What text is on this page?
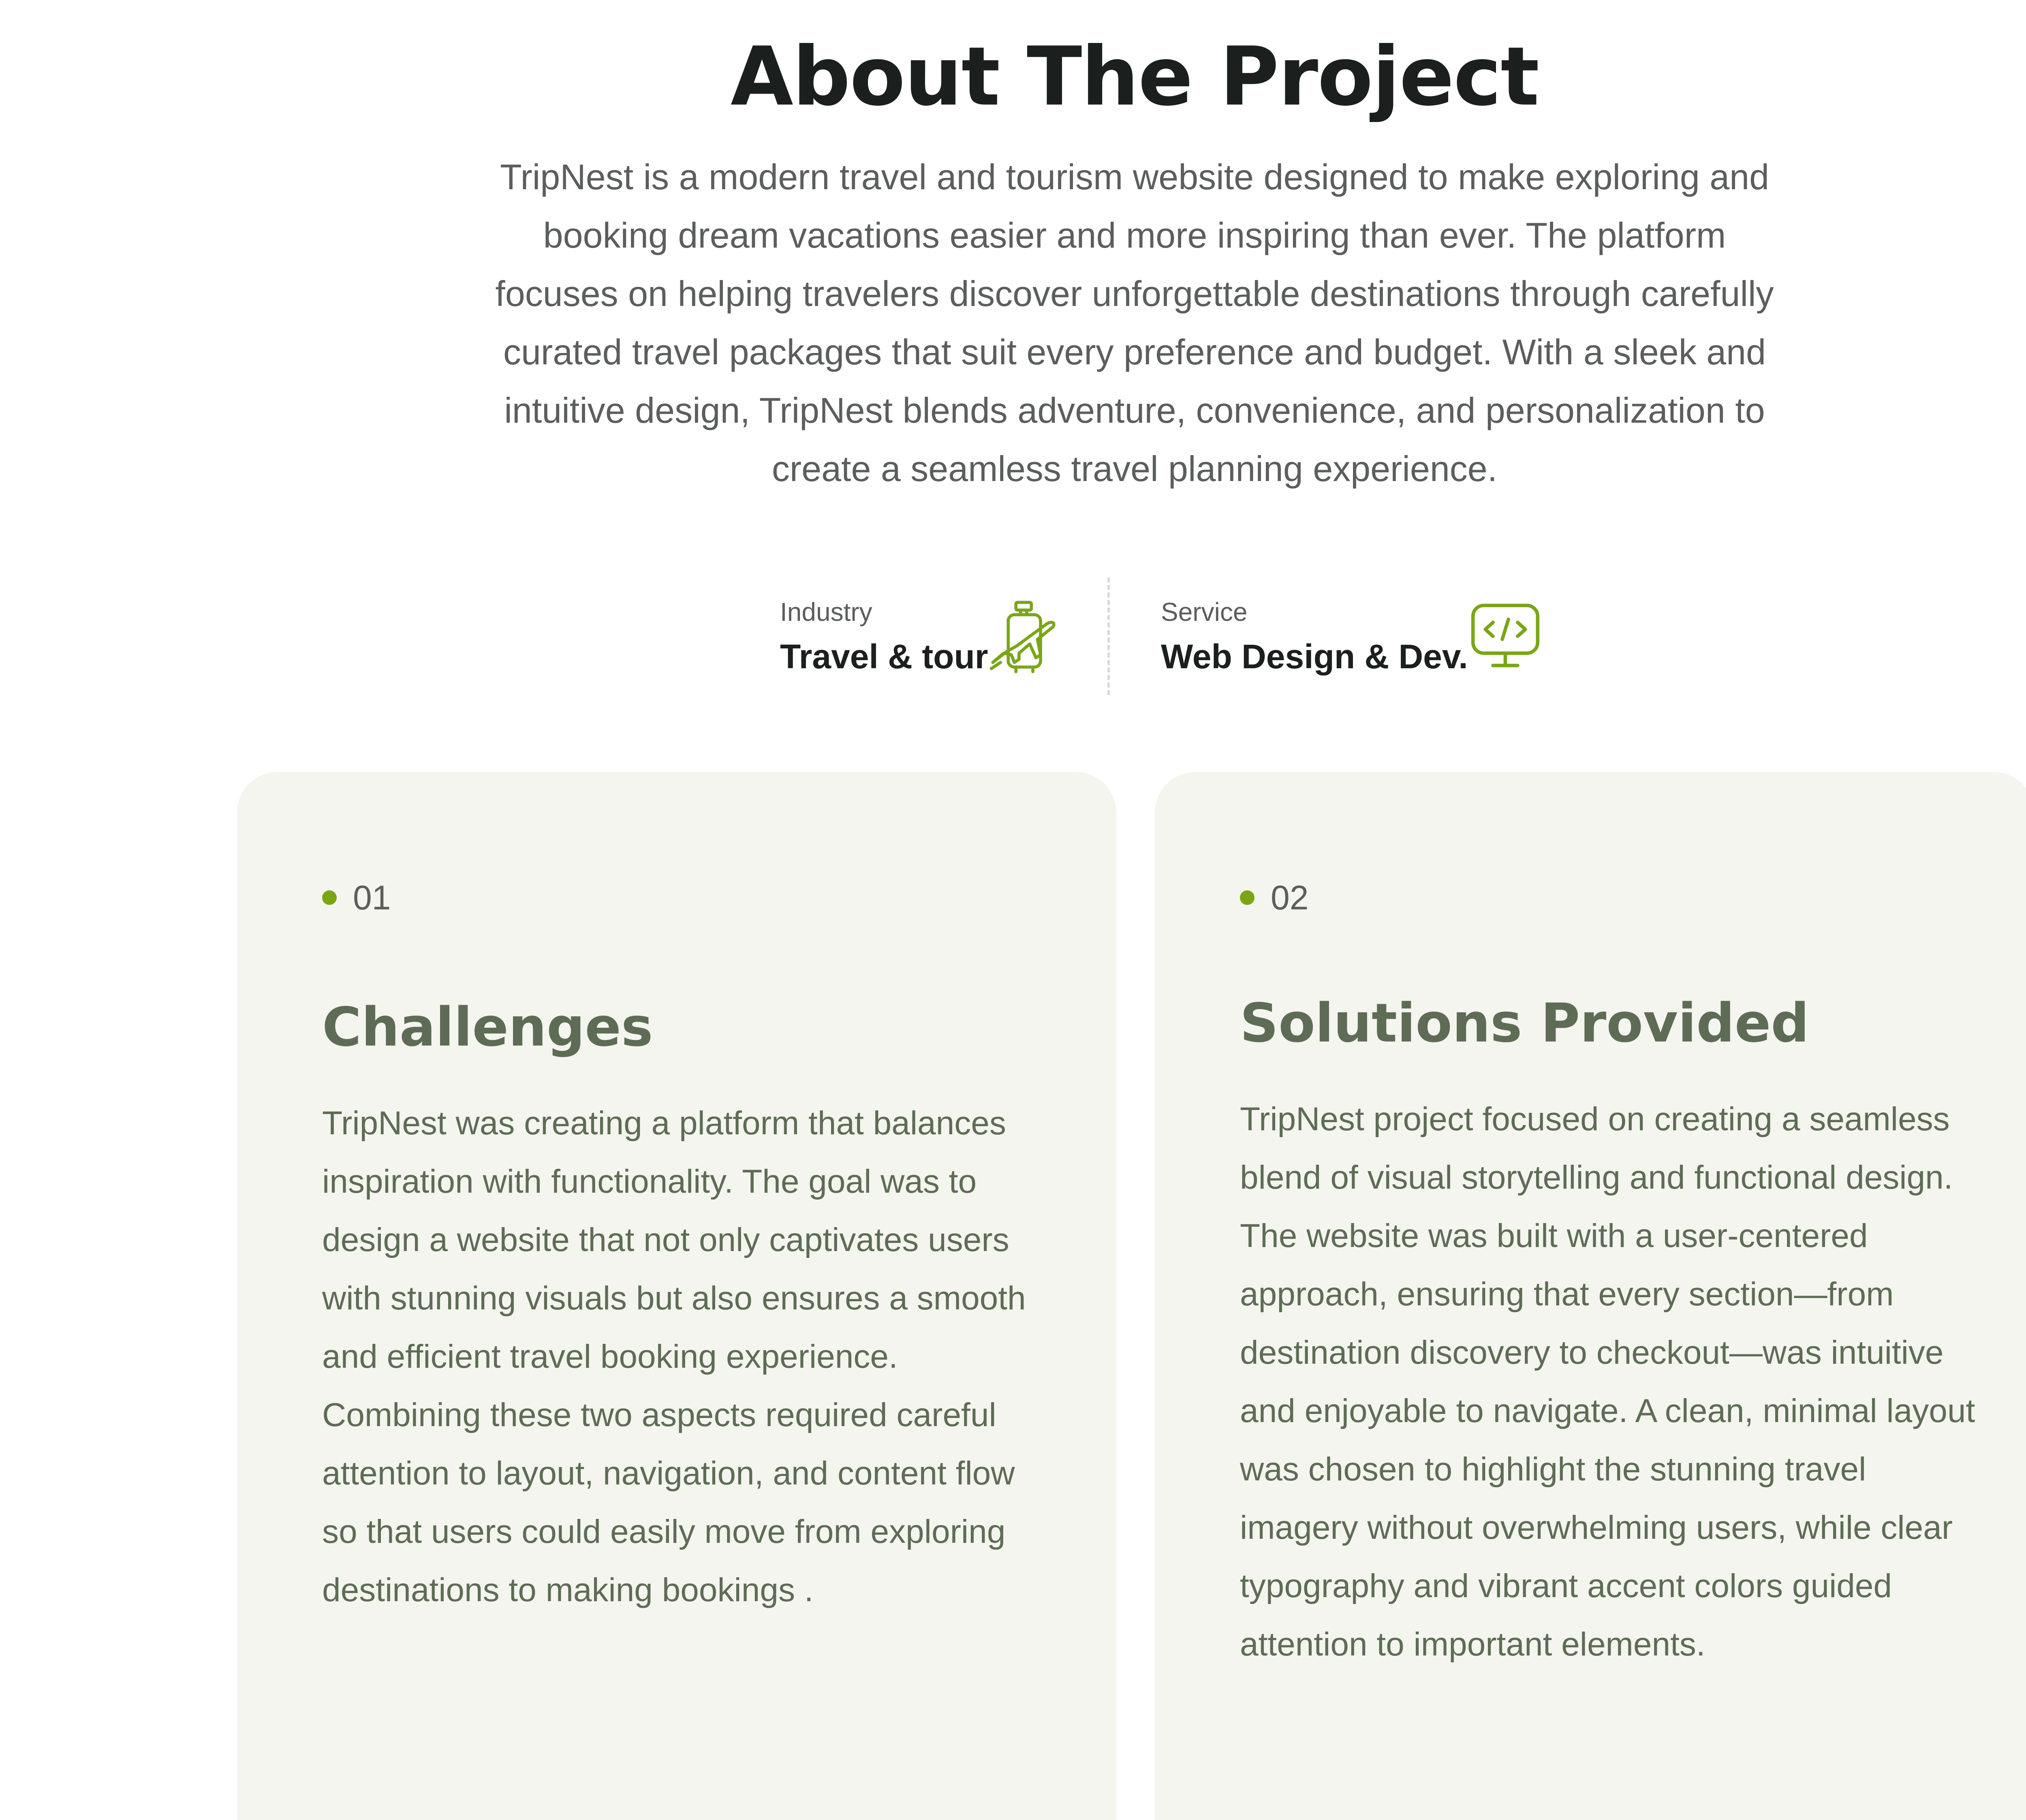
About The Project

TripNest is a modern travel and tourism website designed to make exploring and booking dream vacations easier and more inspiring than ever. The platform focuses on helping travelers discover unforgettable destinations through carefully curated travel packages that suit every preference and budget. With a sleek and intuitive design, TripNest blends adventure, convenience, and personalization to create a seamless travel planning experience.

Industry
Travel & tour
Service
Web Design & Dev.
01
Challenges

TripNest was creating a platform that balances inspiration with functionality. The goal was to design a website that not only captivates users with stunning visuals but also ensures a smooth and efficient travel booking experience. Combining these two aspects required careful attention to layout, navigation, and content flow so that users could easily move from exploring destinations to making bookings .

02
Solutions Provided

TripNest project focused on creating a seamless blend of visual storytelling and functional design. The website was built with a user-centered approach, ensuring that every section—from destination discovery to checkout—was intuitive and enjoyable to navigate. A clean, minimal layout was chosen to highlight the stunning travel imagery without overwhelming users, while clear typography and vibrant accent colors guided attention to important elements.
